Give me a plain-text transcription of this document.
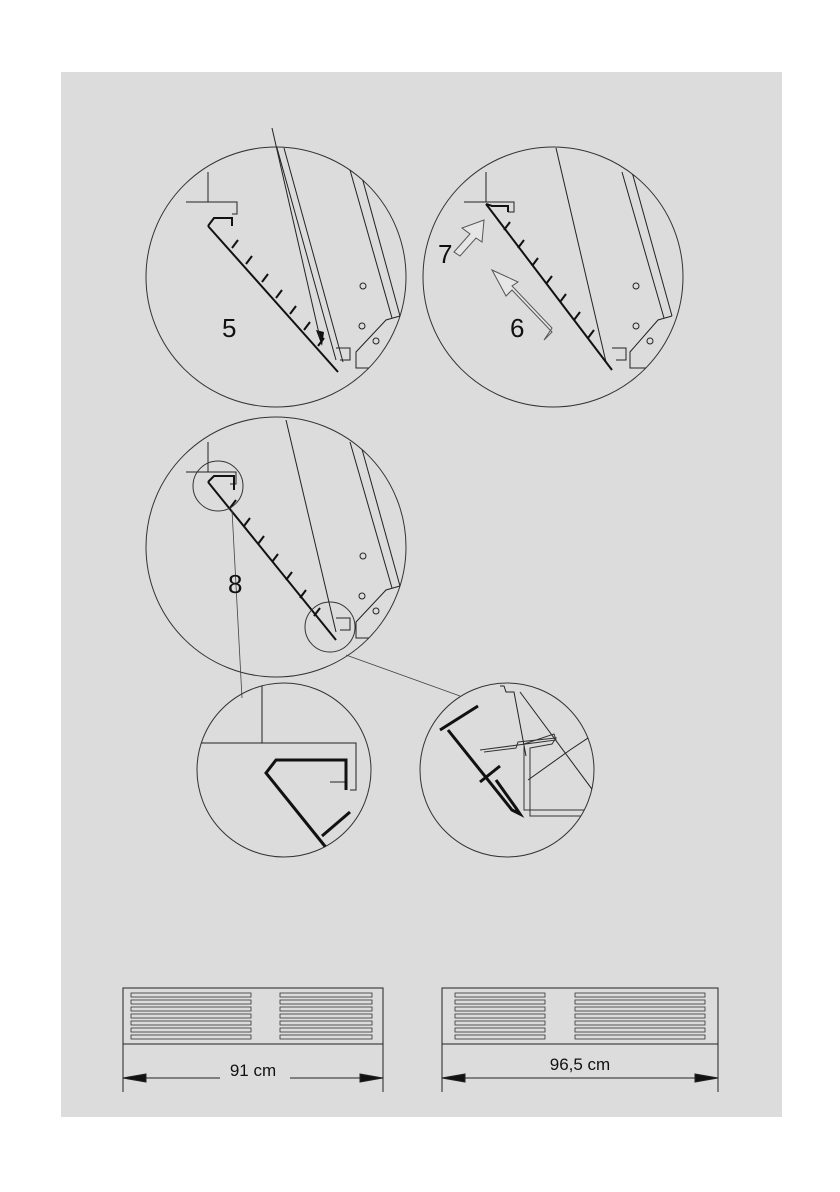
5
7
6
8
91 cm	96,5 cm
